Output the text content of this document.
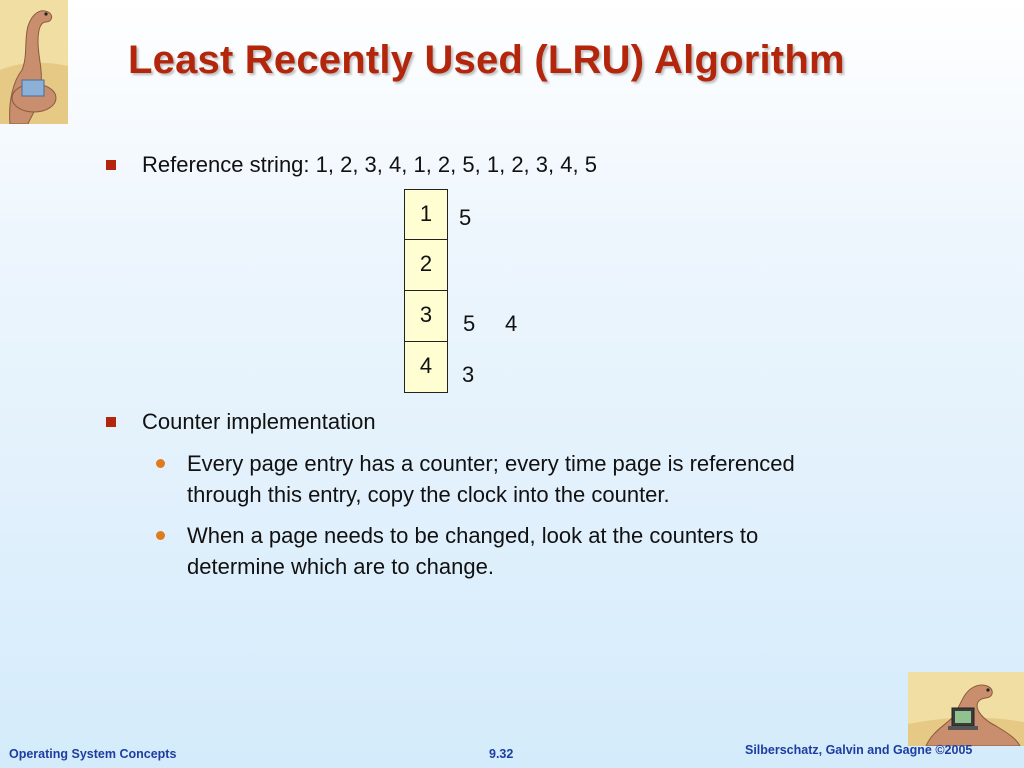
Least Recently Used (LRU) Algorithm
Reference string: 1, 2, 3, 4, 1, 2, 5, 1, 2, 3, 4, 5
1
2
3
4
5
5 4
3
Counter implementation
Every page entry has a counter; every time page is referenced
through this entry, copy the clock into the counter.
When a page needs to be changed, look at the counters to
determine which are to change.
Operating System Concepts	9.32	Silberschatz, Galvin and Gagne ©2005
